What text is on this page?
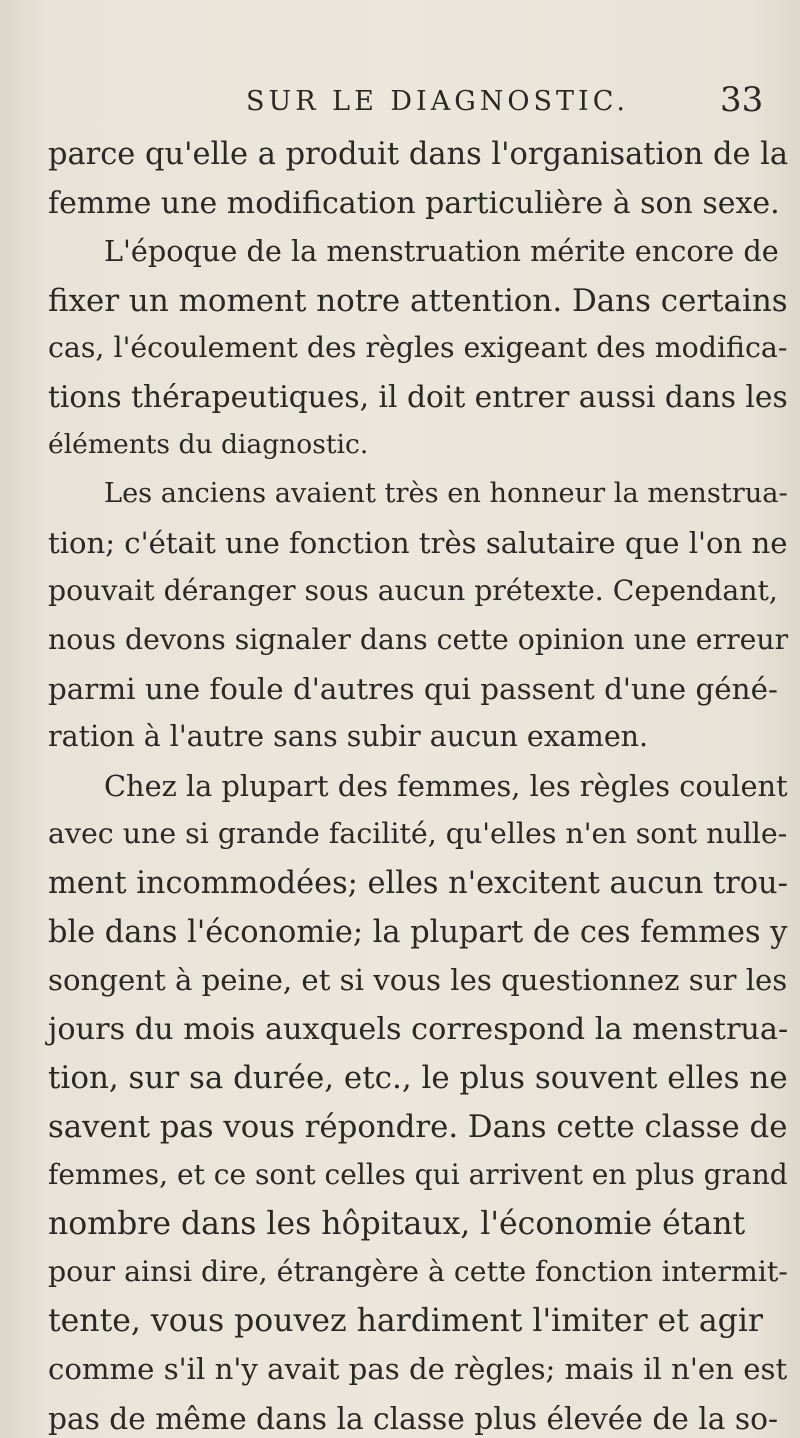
SUR LE DIAGNOSTIC.	33
parce qu'elle a produit dans l'organisation de la
femme une modification particulière à son sexe.
L'époque de la menstruation mérite encore de
fixer un moment notre attention. Dans certains
cas, l'écoulement des règles exigeant des modifica-
tions thérapeutiques, il doit entrer aussi dans les
éléments du diagnostic.
Les anciens avaient très en honneur la menstrua-
tion; c'était une fonction très salutaire que l'on ne
pouvait déranger sous aucun prétexte. Cependant,
nous devons signaler dans cette opinion une erreur
parmi une foule d'autres qui passent d'une géné-
ration à l'autre sans subir aucun examen.
Chez la plupart des femmes, les règles coulent
avec une si grande facilité, qu'elles n'en sont nulle-
ment incommodées; elles n'excitent aucun trou-
ble dans l'économie; la plupart de ces femmes y
songent à peine, et si vous les questionnez sur les
jours du mois auxquels correspond la menstrua-
tion, sur sa durée, etc., le plus souvent elles ne
savent pas vous répondre. Dans cette classe de
femmes, et ce sont celles qui arrivent en plus grand
nombre dans les hôpitaux, l'économie étant
pour ainsi dire, étrangère à cette fonction intermit-
tente, vous pouvez hardiment l'imiter et agir
comme s'il n'y avait pas de règles; mais il n'en est
pas de même dans la classe plus élevée de la so-
